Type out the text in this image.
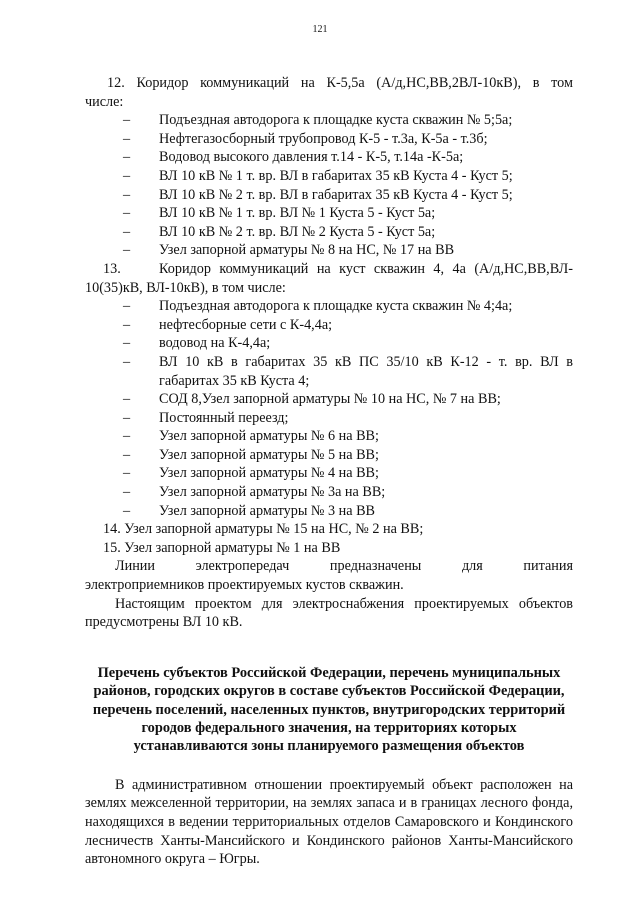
121

12. Коридор коммуникаций на К-5,5а (А/д,НС,ВВ,2ВЛ-10кВ), в том

числе:

–	Подъездная автодорога к площадке куста скважин № 5;5а;
–	Нефтегазосборный трубопровод К-5 - т.3а, К-5а - т.3б;
–	Водовод высокого давления т.14 - К-5, т.14а -К-5а;
–	ВЛ 10 кВ № 1 т. вр. ВЛ в габаритах 35 кВ Куста 4 - Куст 5;
–	ВЛ 10 кВ № 2 т. вр. ВЛ в габаритах 35 кВ Куста 4 - Куст 5;
–	ВЛ 10 кВ № 1 т. вр. ВЛ № 1 Куста 5 - Куст 5а;
–	ВЛ 10 кВ № 2 т. вр. ВЛ № 2 Куста 5 - Куст 5а;
–	Узел запорной арматуры № 8 на НС, № 17 на ВВ
13.	Коридор коммуникаций на куст скважин 4, 4а (А/д,НС,ВВ,ВЛ-

10(35)кВ, ВЛ-10кВ), в том числе:

–	Подъездная автодорога к площадке куста скважин № 4;4а;
–	нефтесборные сети с К-4,4а;
–	водовод на К-4,4а;
–	ВЛ 10 кВ в габаритах 35 кВ ПС 35/10 кВ К-12 - т. вр. ВЛ в габаритах 35 кВ Куста 4;
–	СОД 8,Узел запорной арматуры № 10 на НС, № 7 на ВВ;
–	Постоянный переезд;
–	Узел запорной арматуры № 6 на ВВ;
–	Узел запорной арматуры № 5 на ВВ;
–	Узел запорной арматуры № 4 на ВВ;
–	Узел запорной арматуры № 3а на ВВ;
–	Узел запорной арматуры № 3 на ВВ

14. Узел запорной арматуры № 15 на НС, № 2 на ВВ;

15. Узел запорной арматуры № 1 на ВВ

Линии электропередач предназначены для питания

электроприемников проектируемых кустов скважин.

Настоящим проектом для электроснабжения проектируемых объектов предусмотрены ВЛ 10 кВ.

Перечень субъектов Российской Федерации, перечень муниципальных районов, городских округов в составе субъектов Российской Федерации, перечень поселений, населенных пунктов, внутригородских территорий городов федерального значения, на территориях которых устанавливаются зоны планируемого размещения объектов

В административном отношении проектируемый объект расположен на землях межселенной территории, на землях запаса и в границах лесного фонда, находящихся в ведении территориальных отделов Самаровского и Кондинского лесничеств Ханты-Мансийского и Кондинского районов Ханты-Мансийского автономного округа – Югры.
